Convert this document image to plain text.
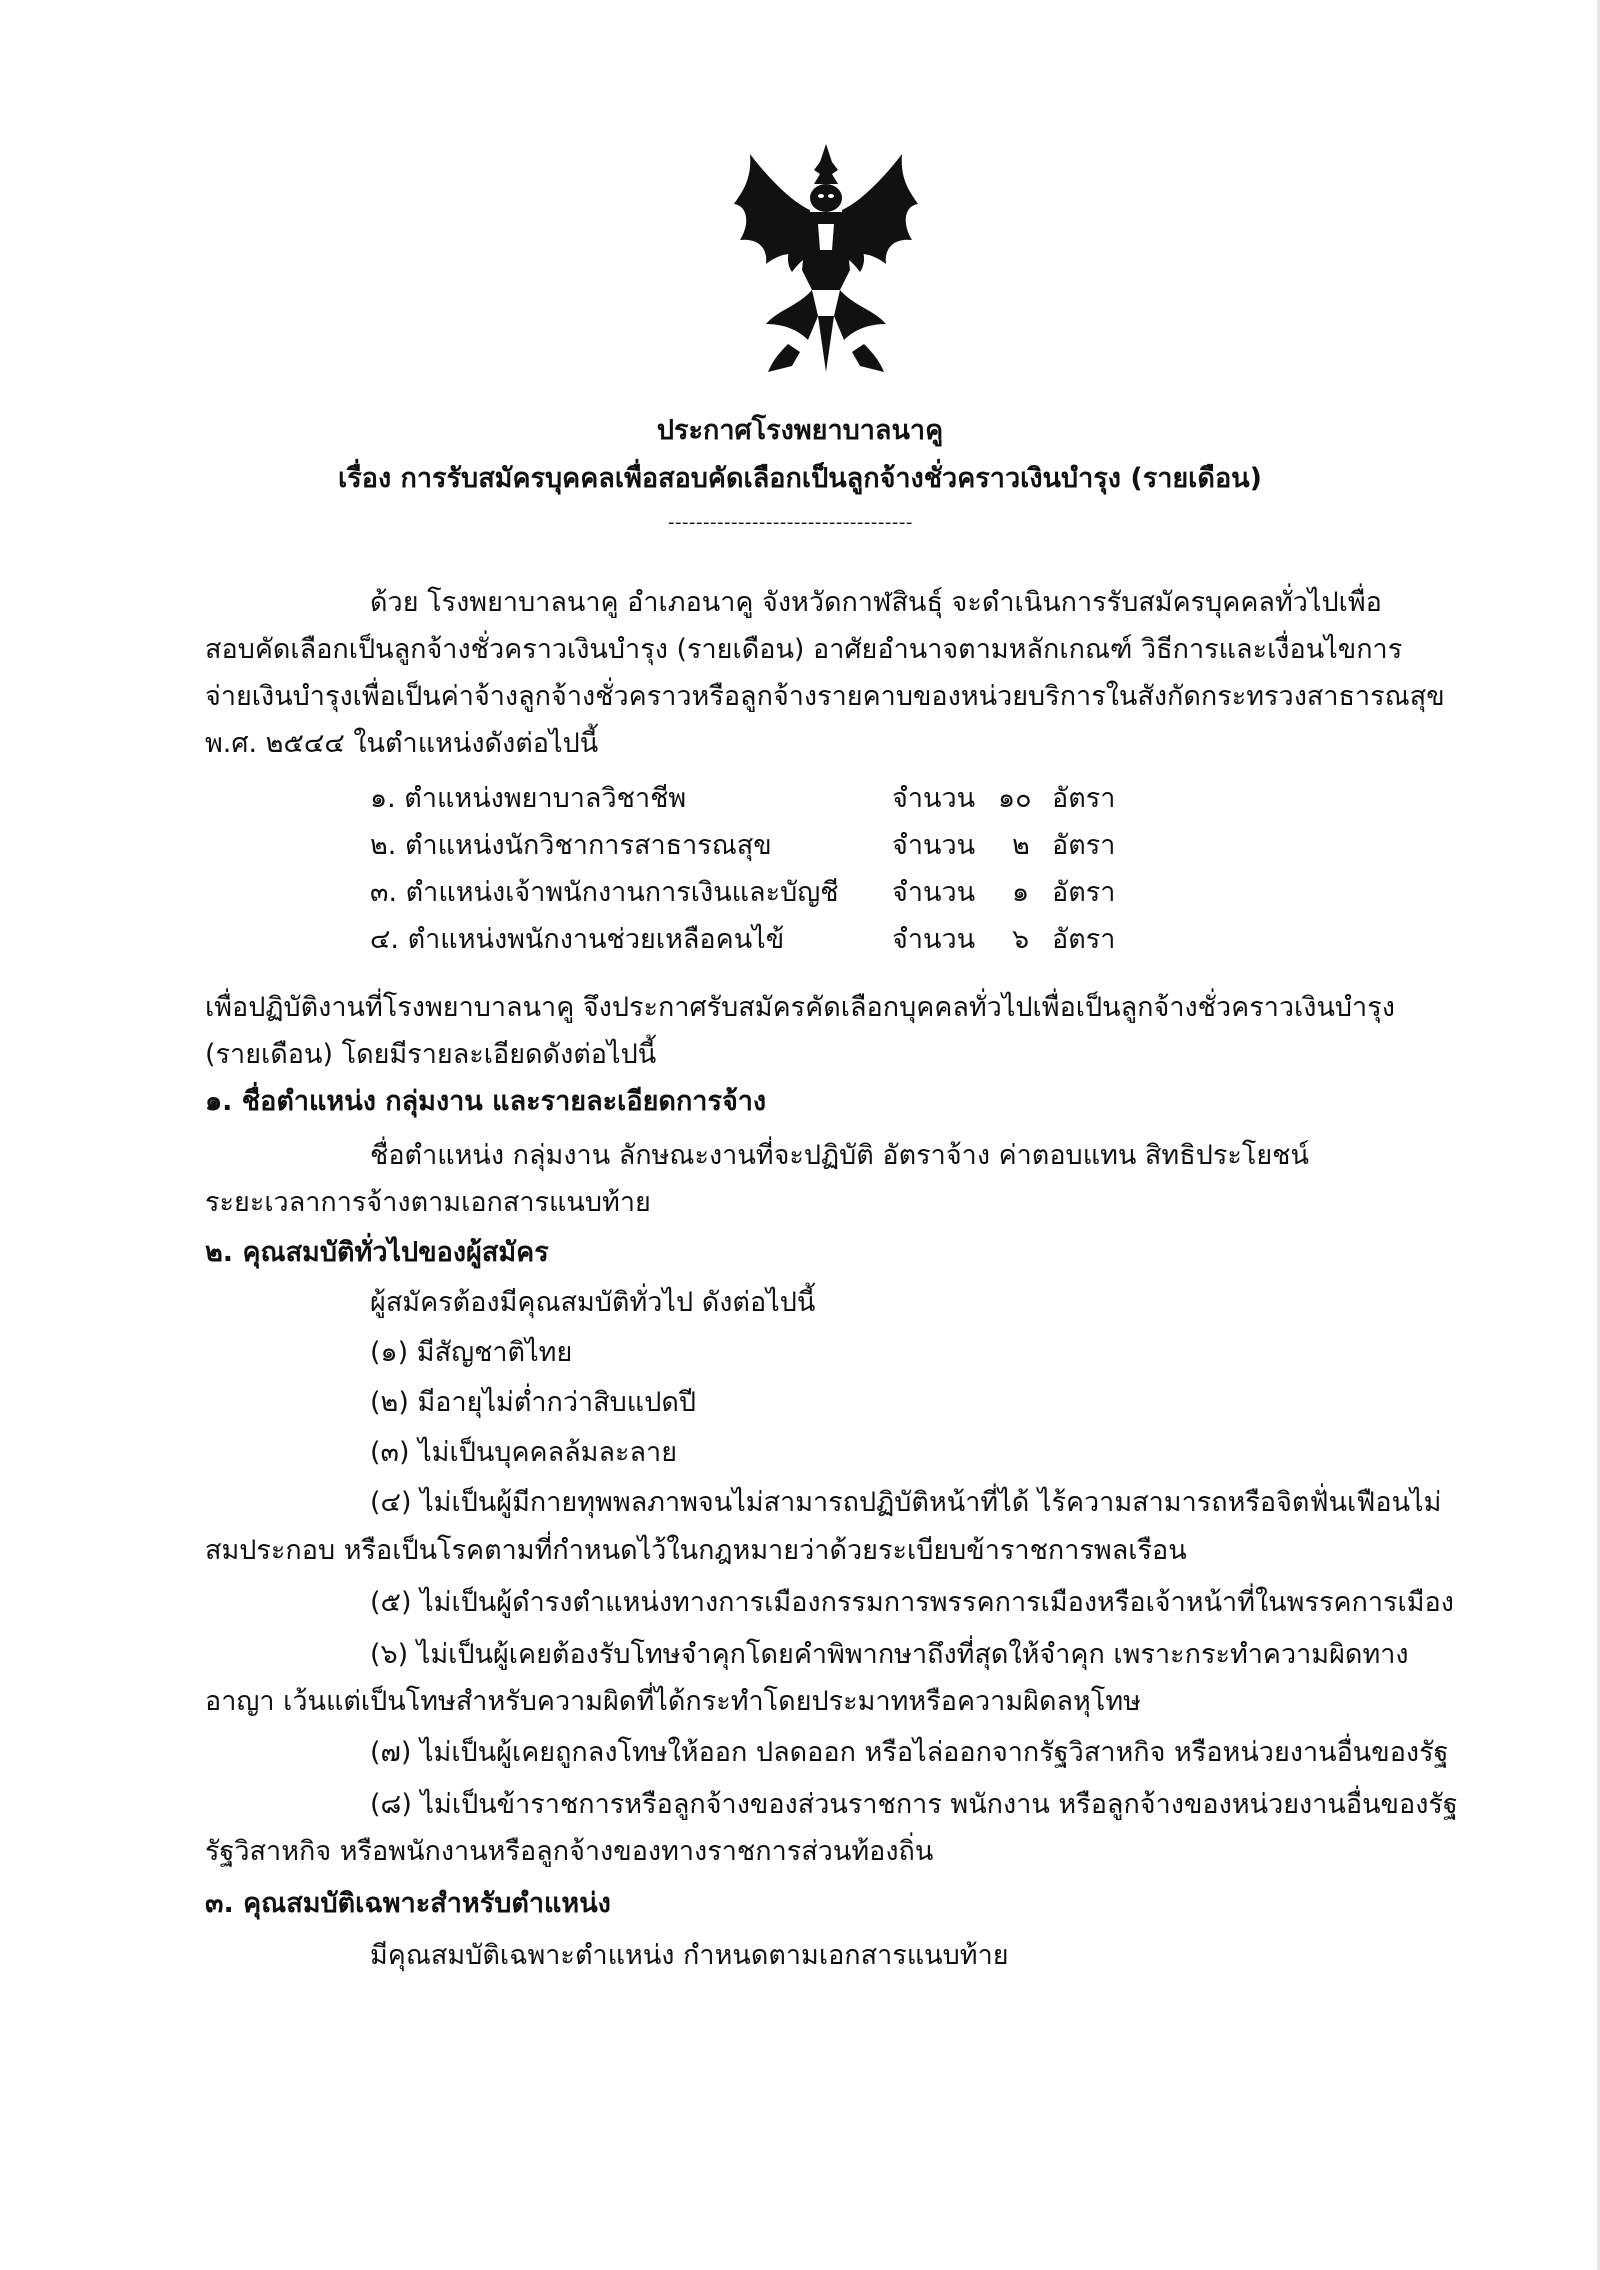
ประกาศโรงพยาบาลนาคู
เรื่อง การรับสมัครบุคคลเพื่อสอบคัดเลือกเป็นลูกจ้างชั่วคราวเงินบำรุง (รายเดือน)
-----------------------------------
ด้วย โรงพยาบาลนาคู อำเภอนาคู จังหวัดกาฬสินธุ์ จะดำเนินการรับสมัครบุคคลทั่วไปเพื่อ
สอบคัดเลือกเป็นลูกจ้างชั่วคราวเงินบำรุง (รายเดือน) อาศัยอำนาจตามหลักเกณฑ์ วิธีการและเงื่อนไขการ
จ่ายเงินบำรุงเพื่อเป็นค่าจ้างลูกจ้างชั่วคราวหรือลูกจ้างรายคาบของหน่วยบริการในสังกัดกระทรวงสาธารณสุข
พ.ศ. ๒๕๔๔ ในตำแหน่งดังต่อไปนี้
๑. ตำแหน่งพยาบาลวิชาชีพ	จำนวน ๑๐ อัตรา
๒. ตำแหน่งนักวิชาการสาธารณสุข	จำนวน ๒ อัตรา
๓. ตำแหน่งเจ้าพนักงานการเงินและบัญชี จำนวน ๑ อัตรา
๔. ตำแหน่งพนักงานช่วยเหลือคนไข้	จำนวน ๖ อัตรา
เพื่อปฏิบัติงานที่โรงพยาบาลนาคู จึงประกาศรับสมัครคัดเลือกบุคคลทั่วไปเพื่อเป็นลูกจ้างชั่วคราวเงินบำรุง
(รายเดือน) โดยมีรายละเอียดดังต่อไปนี้
๑. ชื่อตำแหน่ง กลุ่มงาน และรายละเอียดการจ้าง
ชื่อตำแหน่ง กลุ่มงาน ลักษณะงานที่จะปฏิบัติ อัตราจ้าง ค่าตอบแทน สิทธิประโยชน์
ระยะเวลาการจ้างตามเอกสารแนบท้าย
๒. คุณสมบัติทั่วไปของผู้สมัคร
ผู้สมัครต้องมีคุณสมบัติทั่วไป ดังต่อไปนี้
(๑) มีสัญชาติไทย
(๒) มีอายุไม่ต่ำกว่าสิบแปดปี
(๓) ไม่เป็นบุคคลล้มละลาย
(๔) ไม่เป็นผู้มีกายทุพพลภาพจนไม่สามารถปฏิบัติหน้าที่ได้ ไร้ความสามารถหรือจิตฟั่นเฟือนไม่
สมประกอบ หรือเป็นโรคตามที่กำหนดไว้ในกฎหมายว่าด้วยระเบียบข้าราชการพลเรือน
(๕) ไม่เป็นผู้ดำรงตำแหน่งทางการเมืองกรรมการพรรคการเมืองหรือเจ้าหน้าที่ในพรรคการเมือง
(๖) ไม่เป็นผู้เคยต้องรับโทษจำคุกโดยคำพิพากษาถึงที่สุดให้จำคุก เพราะกระทำความผิดทาง
อาญา เว้นแต่เป็นโทษสำหรับความผิดที่ได้กระทำโดยประมาทหรือความผิดลหุโทษ
(๗) ไม่เป็นผู้เคยถูกลงโทษให้ออก ปลดออก หรือไล่ออกจากรัฐวิสาหกิจ หรือหน่วยงานอื่นของรัฐ
(๘) ไม่เป็นข้าราชการหรือลูกจ้างของส่วนราชการ พนักงาน หรือลูกจ้างของหน่วยงานอื่นของรัฐ
รัฐวิสาหกิจ หรือพนักงานหรือลูกจ้างของทางราชการส่วนท้องถิ่น
๓. คุณสมบัติเฉพาะสำหรับตำแหน่ง
มีคุณสมบัติเฉพาะตำแหน่ง กำหนดตามเอกสารแนบท้าย
